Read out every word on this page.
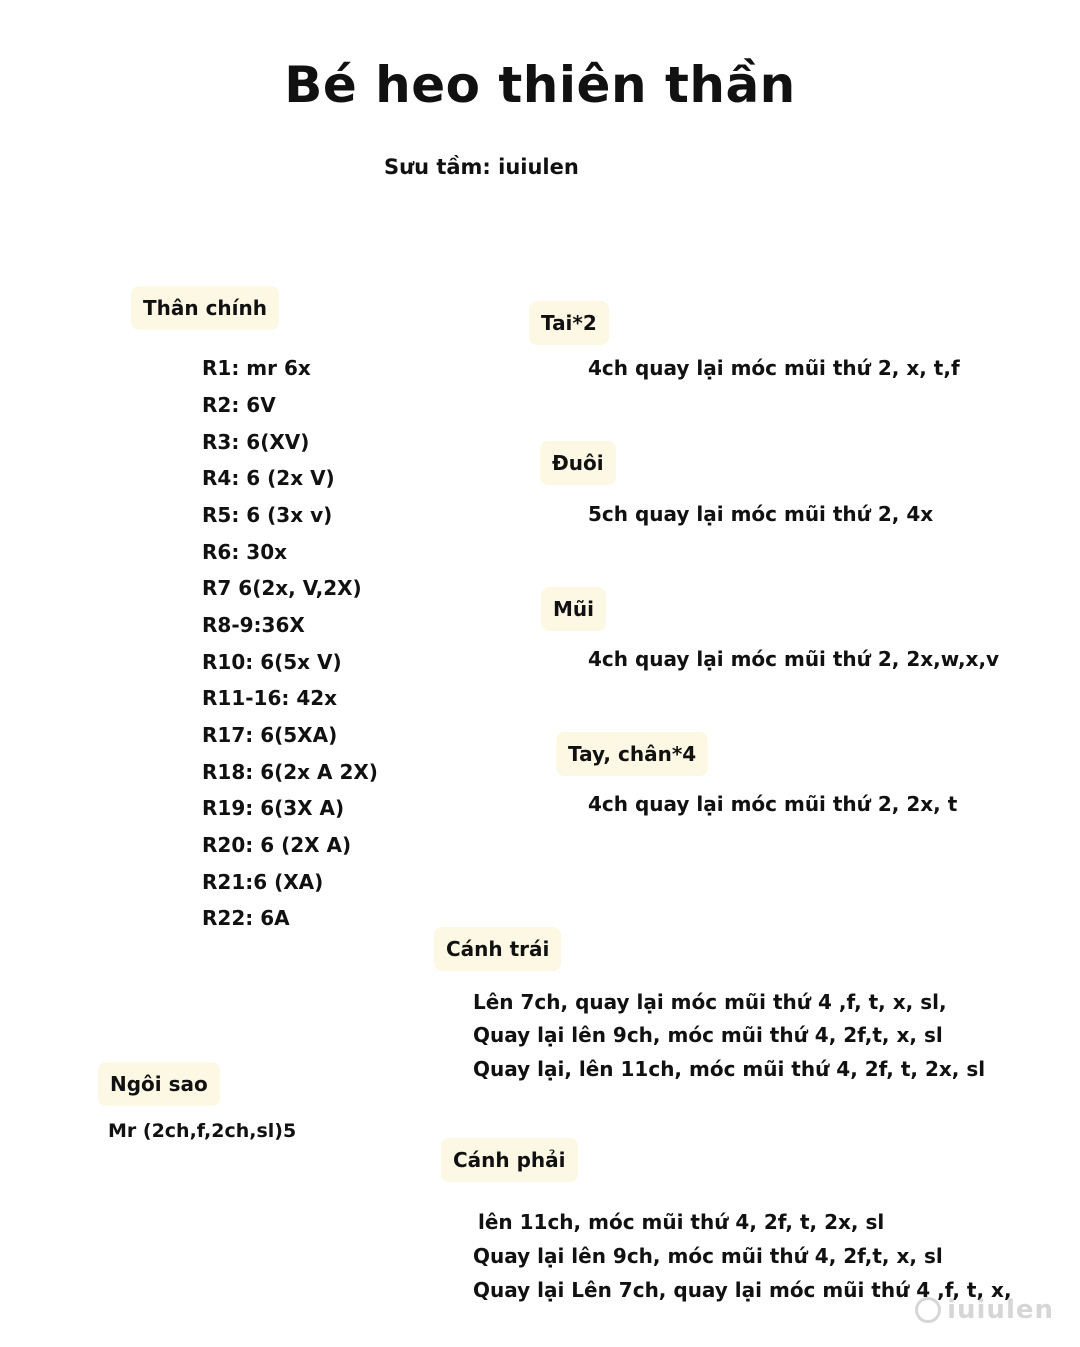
Bé heo thiên thần
Sưu tầm: iuiulen
Thân chính
R1: mr 6x
R2: 6V
R3: 6(XV)
R4: 6 (2x V)
R5: 6 (3x v)
R6: 30x
R7 6(2x, V,2X)
R8-9:36X
R10: 6(5x V)
R11-16: 42x
R17: 6(5XA)
R18: 6(2x A 2X)
R19: 6(3X A)
R20: 6 (2X A)
R21:6 (XA)
R22: 6A
Tai*2
4ch quay lại móc mũi thứ 2, x, t,f
Đuôi
5ch quay lại móc mũi thứ 2, 4x
Mũi
4ch quay lại móc mũi thứ 2, 2x,w,x,v
Tay, chân*4
4ch quay lại móc mũi thứ 2, 2x, t
Cánh trái
Lên 7ch, quay lại móc mũi thứ 4 ,f, t, x, sl,
Quay lại lên 9ch, móc mũi thứ 4, 2f,t, x, sl
Quay lại, lên 11ch, móc mũi thứ 4, 2f, t, 2x, sl
Ngôi sao
Mr (2ch,f,2ch,sl)5
Cánh phải
lên 11ch, móc mũi thứ 4, 2f, t, 2x, sl
Quay lại lên 9ch, móc mũi thứ 4, 2f,t, x, sl
Quay lại Lên 7ch, quay lại móc mũi thứ 4 ,f, t, x,
iuiulen
